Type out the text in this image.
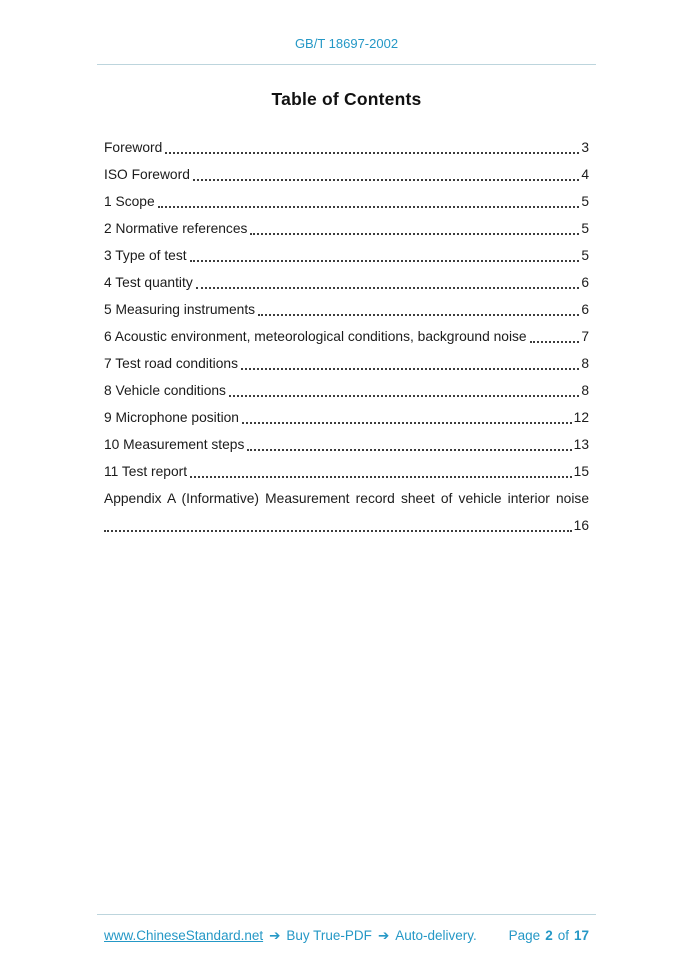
GB/T 18697-2002
Table of Contents
Foreword	3
ISO Foreword	4
1 Scope	5
2 Normative references	5
3 Type of test	5
4 Test quantity	6
5 Measuring instruments	6
6 Acoustic environment, meteorological conditions, background noise	7
7 Test road conditions	8
8 Vehicle conditions	8
9 Microphone position	12
10 Measurement steps	13
11 Test report	15
Appendix A (Informative) Measurement record sheet of vehicle interior noise
16
www.ChineseStandard.net ➔ Buy True-PDF ➔ Auto-delivery. Page 2 of 17
